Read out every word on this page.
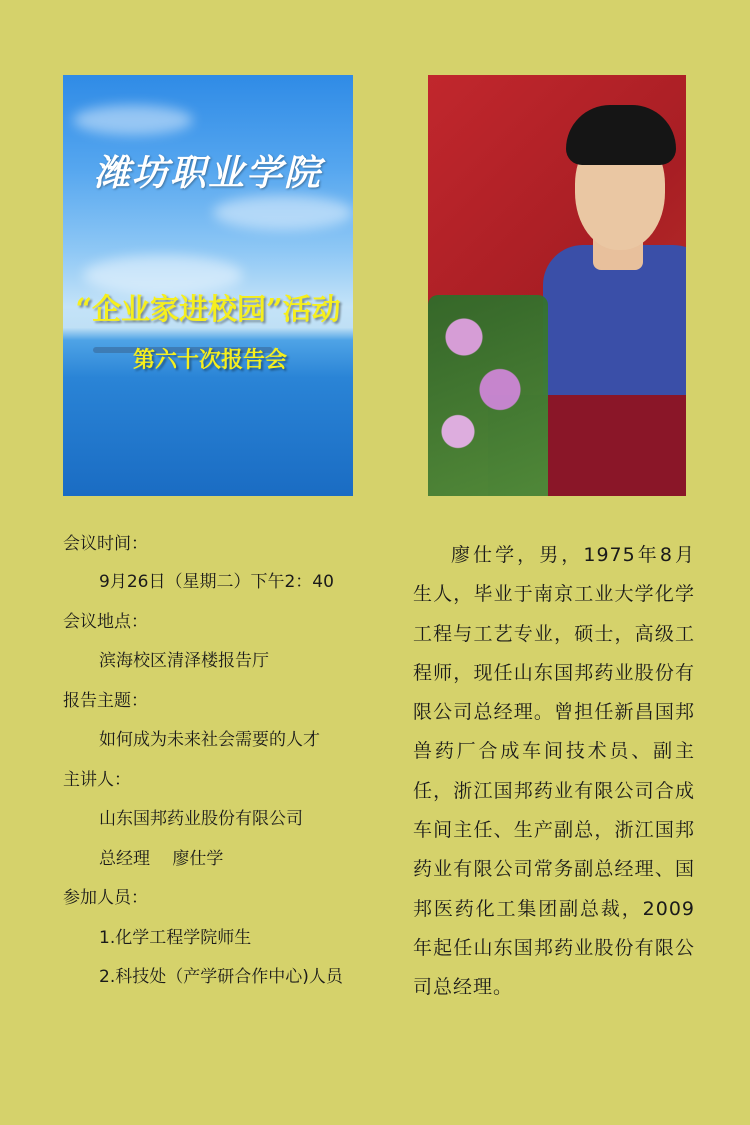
潍坊职业学院
“企业家进校园”活动
第六十次报告会
会议时间：
9月26日（星期二）下午2：40
会议地点：
滨海校区清泽楼报告厅
报告主题：
如何成为未来社会需要的人才
主讲人：
山东国邦药业股份有限公司
总经理　 廖仕学
参加人员：
1.化学工程学院师生
2.科技处（产学研合作中心)人员
廖仕学，男，1975年8月生人，毕业于南京工业大学化学工程与工艺专业，硕士，高级工程师，现任山东国邦药业股份有限公司总经理。曾担任新昌国邦兽药厂合成车间技术员、副主任，浙江国邦药业有限公司合成车间主任、生产副总，浙江国邦药业有限公司常务副总经理、国邦医药化工集团副总裁，2009年起任山东国邦药业股份有限公司总经理。
